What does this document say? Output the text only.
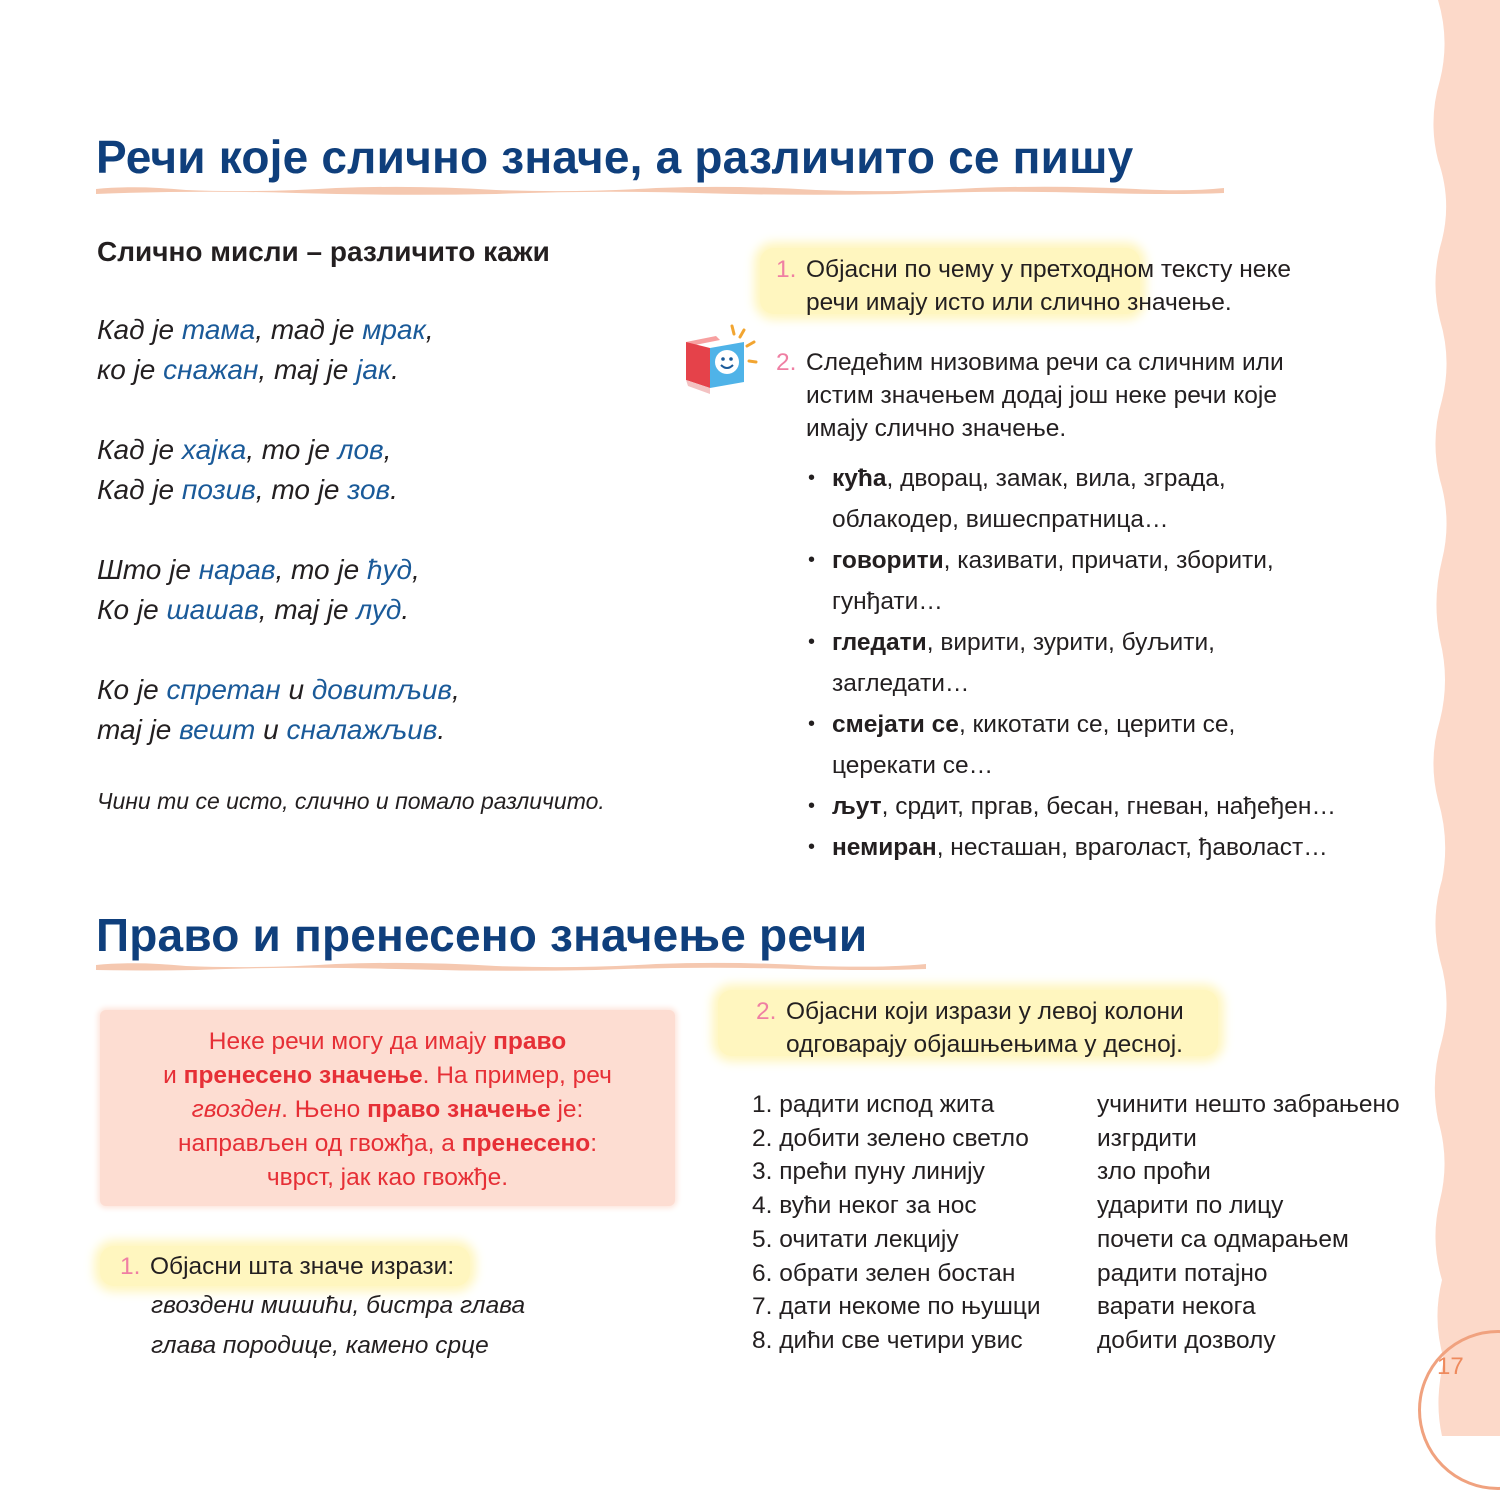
17
Речи које слично значе, а различито се пишу
Слично мисли – различито кажи
Кад је тама, тад је мрак,
ко је снажан, тај је јак.
Кад је хајка, то је лов,
Кад је позив, то је зов.
Што је нарав, то је ћуд,
Ко је шашав, тај је луд.
Ко је спретан и довитљив,
тај је вешт и сналажљив.
Чини ти се исто, слично и помало различито.
1. Објасни по чему у претходном тексту неке
речи имају исто или слично значење.
2. Следећим низовима речи са сличним или
истим значењем додај још неке речи које
имају слично значење.
• кућа, дворац, замак, вила, зграда,
облакодер, вишеспратница…
• говорити, казивати, причати, зборити,
гунђати…
• гледати, вирити, зурити, буљити,
загледати…
• смејати се, кикотати се, церити се,
церекати се…
• љут, срдит, пргав, бесан, гневан, нађеђен…
• немиран, несташан, враголаст, ђаволаст…
Право и пренесено значење речи
Неке речи могу да имају право
и пренесено значење. На пример, реч
гвозден. Њено право значење је:
направљен од гвожђа, а пренесено:
чврст, јак као гвожђе.
1. Објасни шта значе изрази:
гвоздени мишићи, бистра глава
глава породице, камено срце
2. Објасни који изрази у левој колони
одговарају објашњењима у десној.
1. радити испод жита	учинити нешто забрањено
2. добити зелено светло	изгрдити
3. прећи пуну линију	зло проћи
4. вући неког за нос	ударити по лицу
5. очитати лекцију	почети са одмарањем
6. обрати зелен бостан	радити потајно
7. дати некоме по њушци	варати некога
8. дићи све четири увис	добити дозволу
